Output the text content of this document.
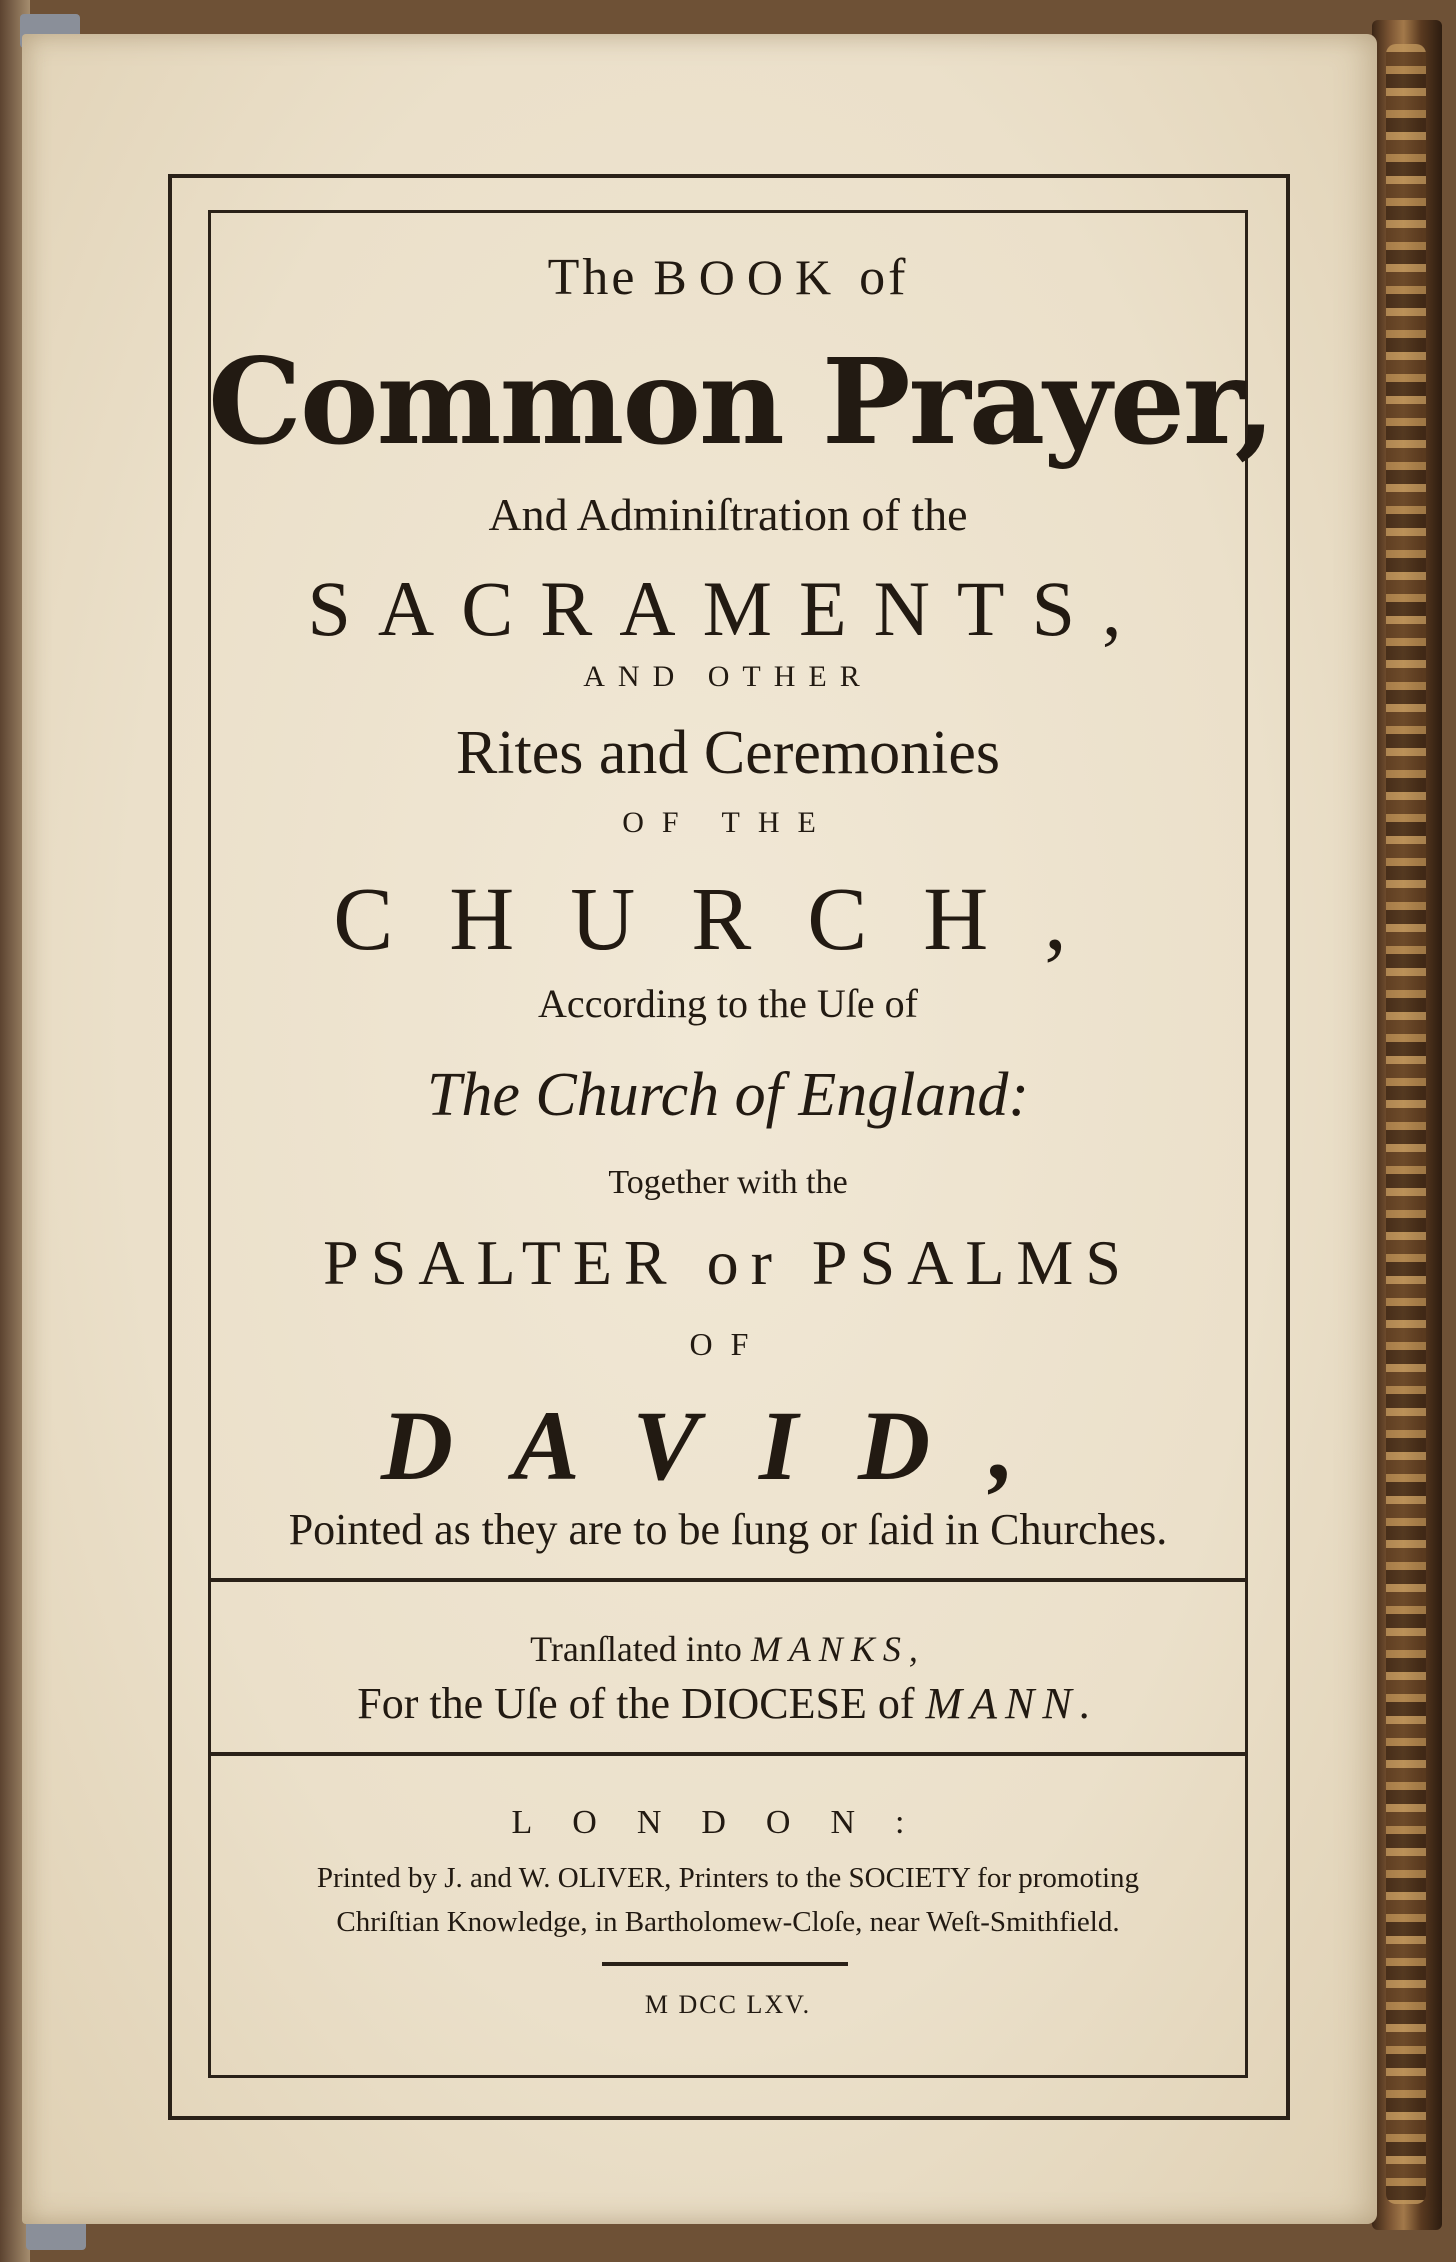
The BOOK of

Common Prayer,

And Adminiſtration of the

SACRAMENTS,

AND OTHER

Rites and Ceremonies

OF THE

CHURCH,

According to the Uſe of

The Church of England:

Together with the

PSALTER or PSALMS

OF

DAVID,

Pointed as they are to be ſung or ſaid in Churches.

Tranſlated into MANKS,

For the Uſe of the DIOCESE of MANN.

LONDON:

Printed by J. and W. OLIVER, Printers to the SOCIETY for promoting

Chriſtian Knowledge, in Bartholomew-Cloſe, near Weſt-Smithfield.

M DCC LXV.
